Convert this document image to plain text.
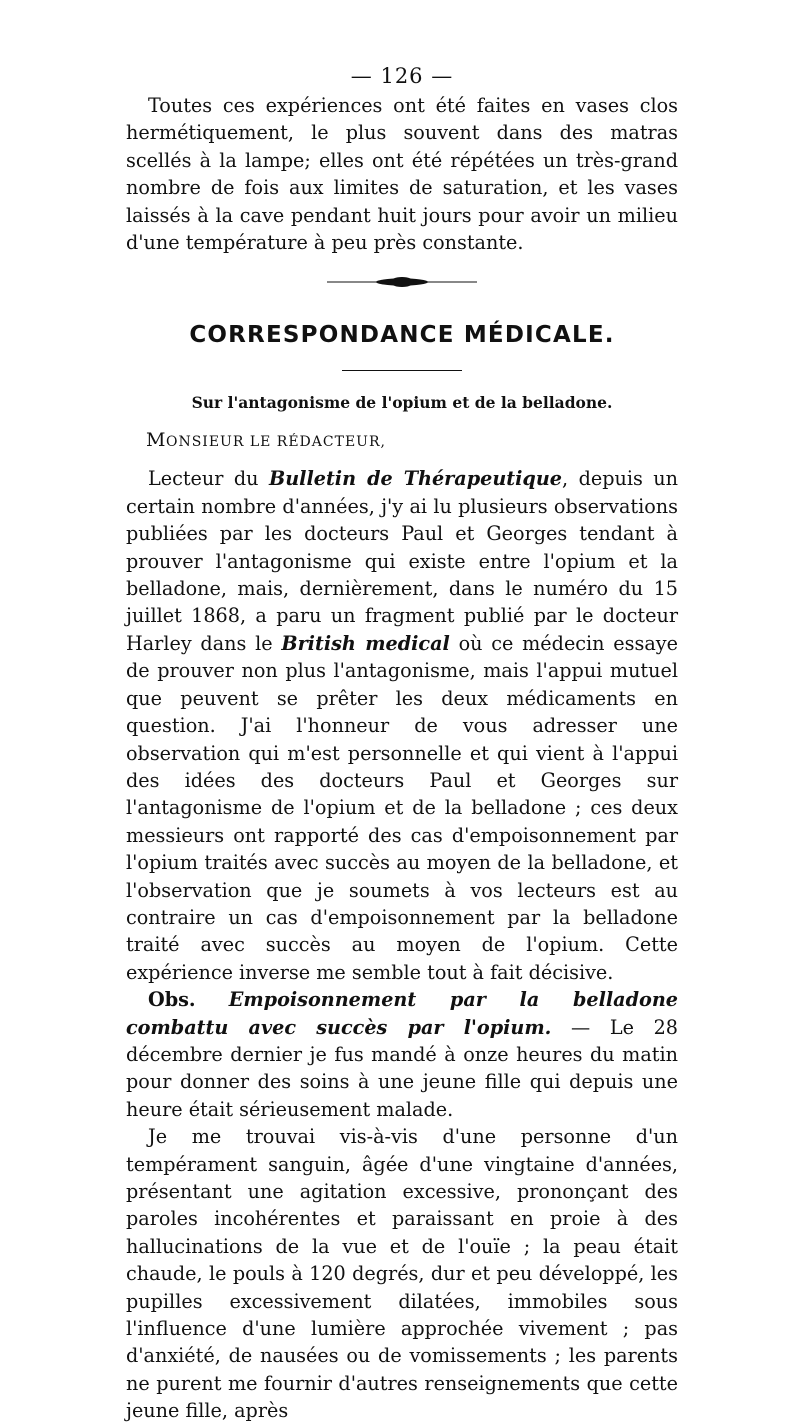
— 126 —

Toutes ces expériences ont été faites en vases clos hermétiquement, le plus souvent dans des matras scellés à la lampe; elles ont été répétées un très-grand nombre de fois aux limites de saturation, et les vases laissés à la cave pendant huit jours pour avoir un milieu d'une température à peu près constante.

CORRESPONDANCE MÉDICALE.
Sur l'antagonisme de l'opium et de la belladone.
MONSIEUR LE RÉDACTEUR,

Lecteur du Bulletin de Thérapeutique, depuis un certain nombre d'années, j'y ai lu plusieurs observations publiées par les docteurs Paul et Georges tendant à prouver l'antagonisme qui existe entre l'opium et la belladone, mais, dernièrement, dans le numéro du 15 juillet 1868, a paru un fragment publié par le docteur Harley dans le British medical où ce médecin essaye de prouver non plus l'antagonisme, mais l'appui mutuel que peuvent se prêter les deux médicaments en question. J'ai l'honneur de vous adresser une observation qui m'est personnelle et qui vient à l'appui des idées des docteurs Paul et Georges sur l'antagonisme de l'opium et de la belladone ; ces deux messieurs ont rapporté des cas d'empoisonnement par l'opium traités avec succès au moyen de la belladone, et l'observation que je soumets à vos lecteurs est au contraire un cas d'empoisonnement par la belladone traité avec succès au moyen de l'opium. Cette expérience inverse me semble tout à fait décisive.

Obs. Empoisonnement par la belladone combattu avec succès par l'opium. — Le 28 décembre dernier je fus mandé à onze heures du matin pour donner des soins à une jeune fille qui depuis une heure était sérieusement malade.

Je me trouvai vis-à-vis d'une personne d'un tempérament sanguin, âgée d'une vingtaine d'années, présentant une agitation excessive, prononçant des paroles incohérentes et paraissant en proie à des hallucinations de la vue et de l'ouïe ; la peau était chaude, le pouls à 120 degrés, dur et peu développé, les pupilles excessivement dilatées, immobiles sous l'influence d'une lumière approchée vivement ; pas d'anxiété, de nausées ou de vomissements ; les parents ne purent me fournir d'autres renseignements que cette jeune fille, après
